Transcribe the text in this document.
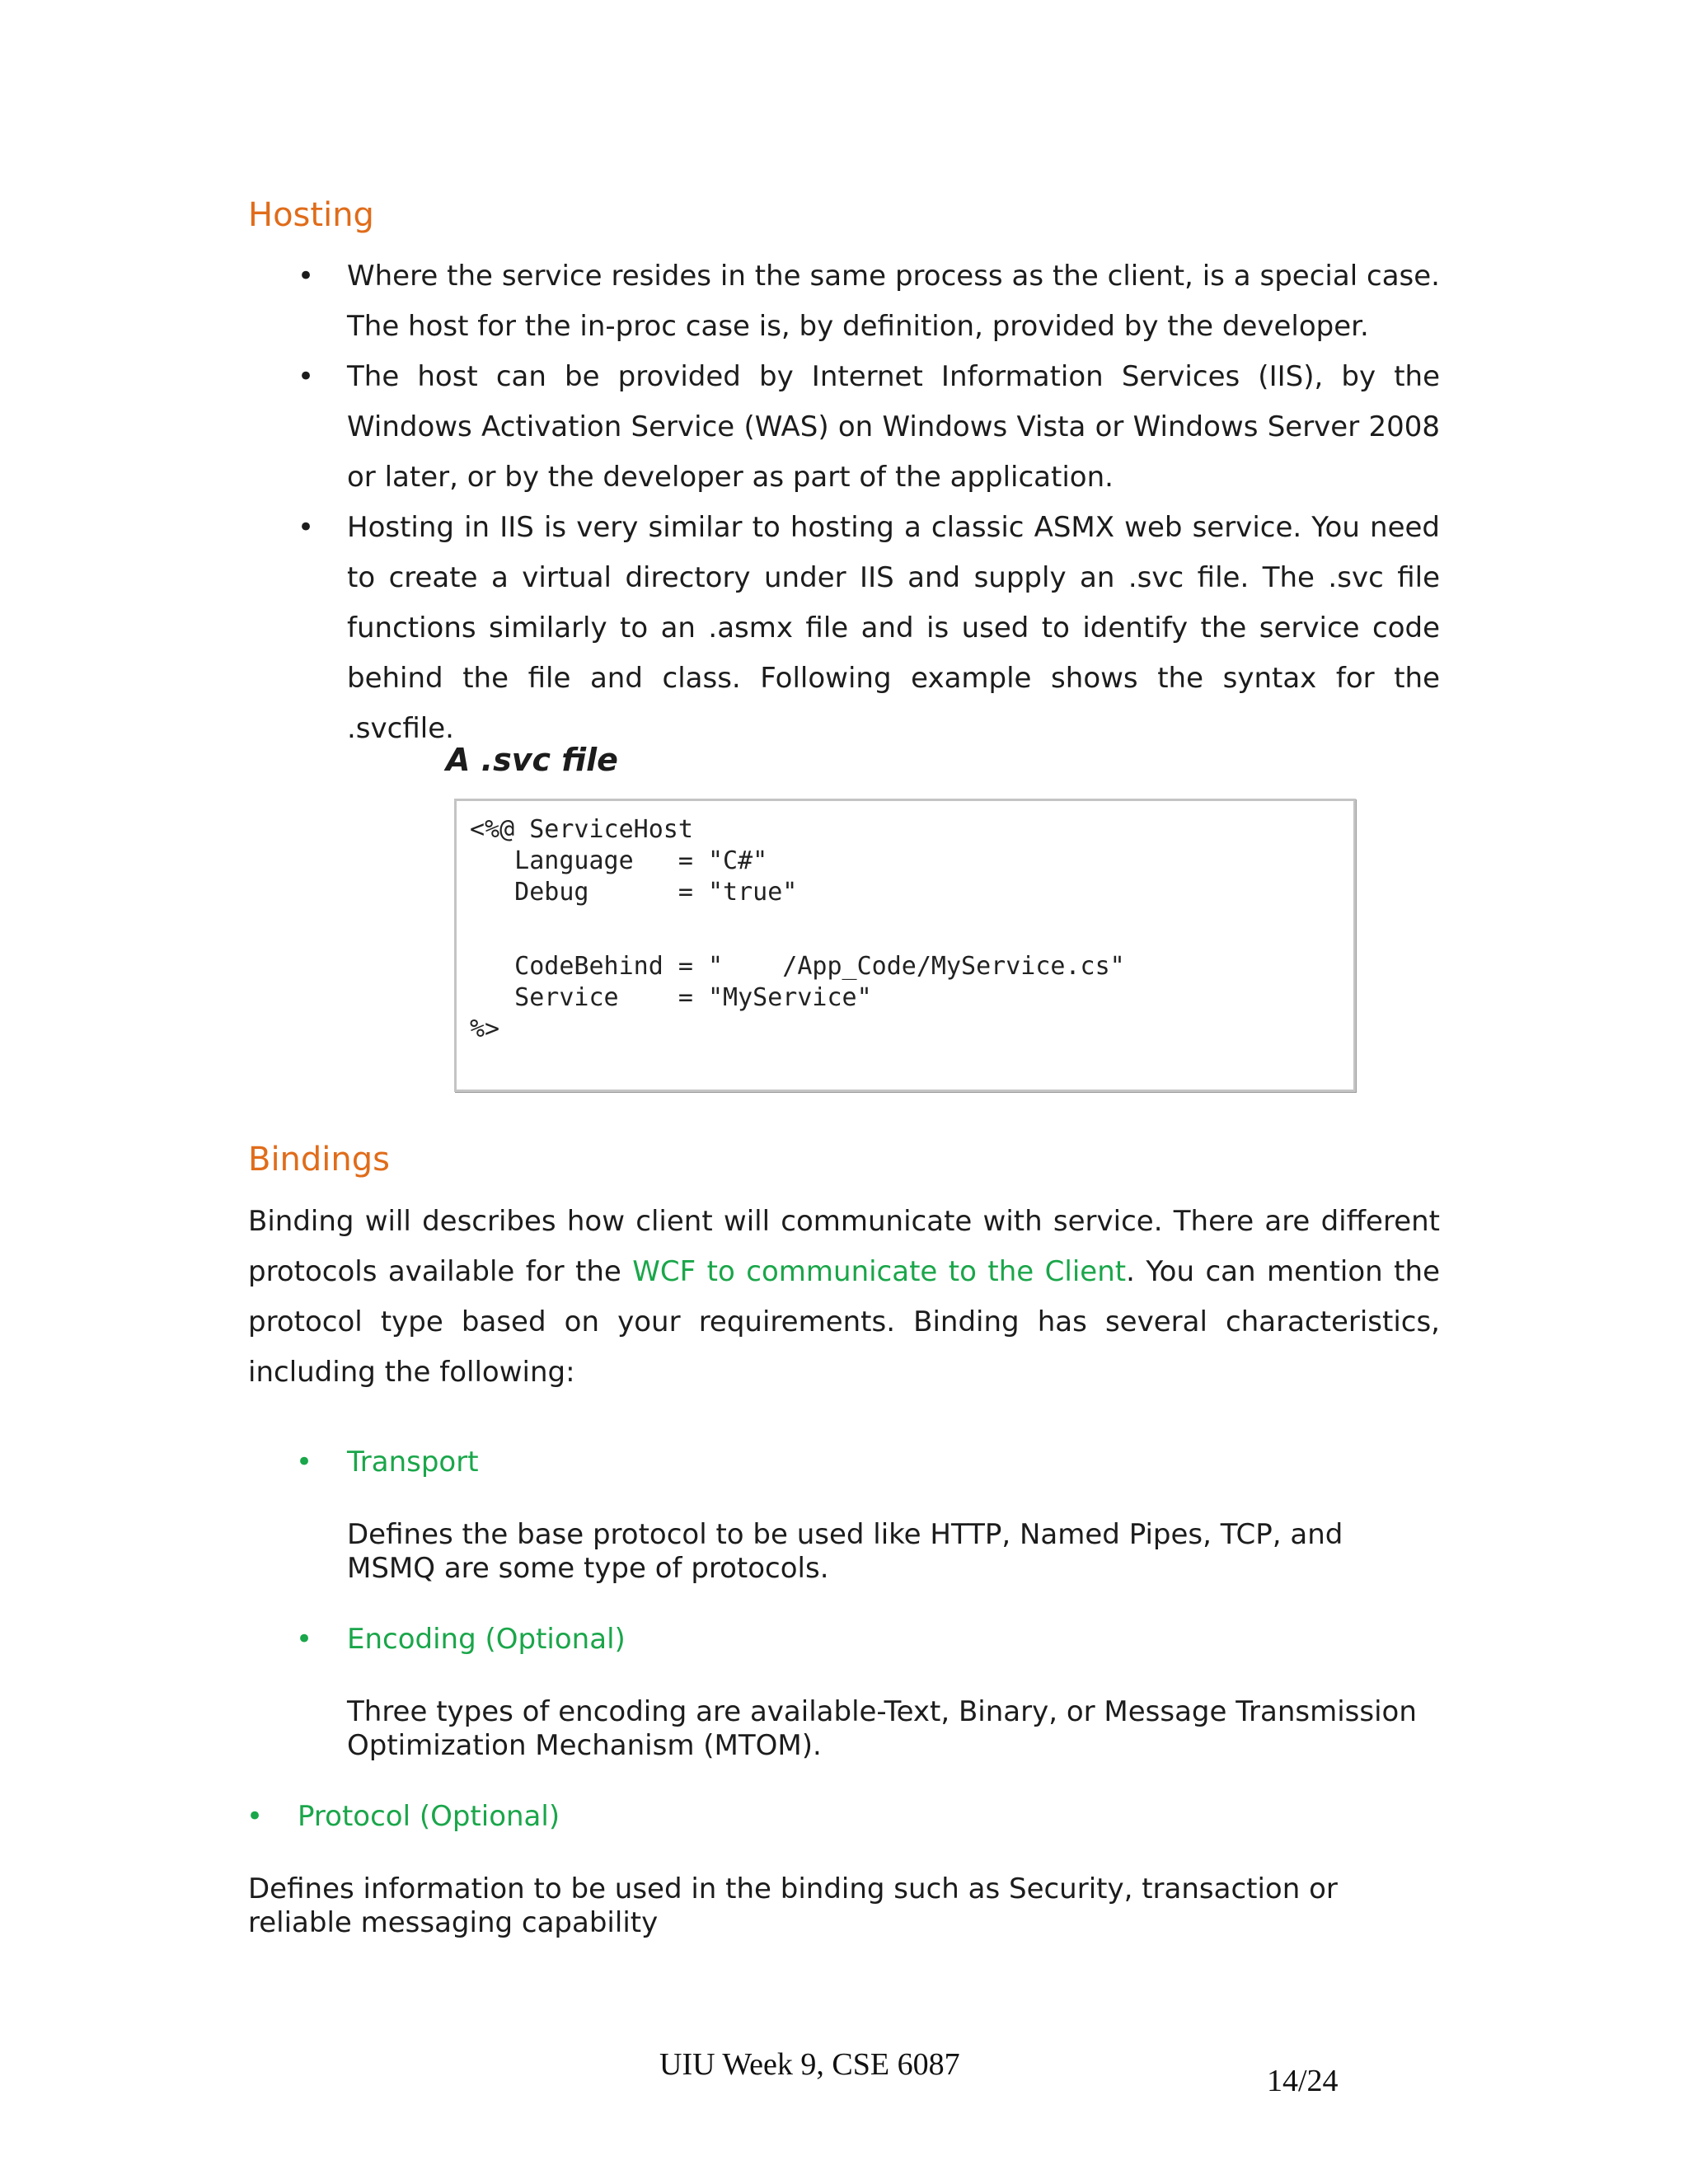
Hosting
• Where the service resides in the same process as the client, is a special case. The host for the in-proc case is, by definition, provided by the developer.
• The host can be provided by Internet Information Services (IIS), by the Windows Activation Service (WAS) on Windows Vista or Windows Server 2008 or later, or by the developer as part of the application.
• Hosting in IIS is very similar to hosting a classic ASMX web service. You need to create a virtual directory under IIS and supply an .svc file. The .svc file functions similarly to an .asmx file and is used to identify the service code behind the file and class. Following example shows the syntax for the .svcfile.

A .svc file

<%@ ServiceHost
Language   = "C#"
Debug      = "true"
CodeBehind = "    /App_Code/MyService.cs"
Service    = "MyService"
%>
Bindings

Binding will describes how client will communicate with service. There are different protocols available for the WCF to communicate to the Client. You can mention the protocol type based on your requirements. Binding has several characteristics, including the following:

• Transport

Defines the base protocol to be used like HTTP, Named Pipes, TCP, and MSMQ are some type of protocols.

• Encoding (Optional)

Three types of encoding are available-Text, Binary, or Message Transmission Optimization Mechanism (MTOM).

• Protocol (Optional)

Defines information to be used in the binding such as Security, transaction or reliable messaging capability

UIU Week 9, CSE 6087	14/24
